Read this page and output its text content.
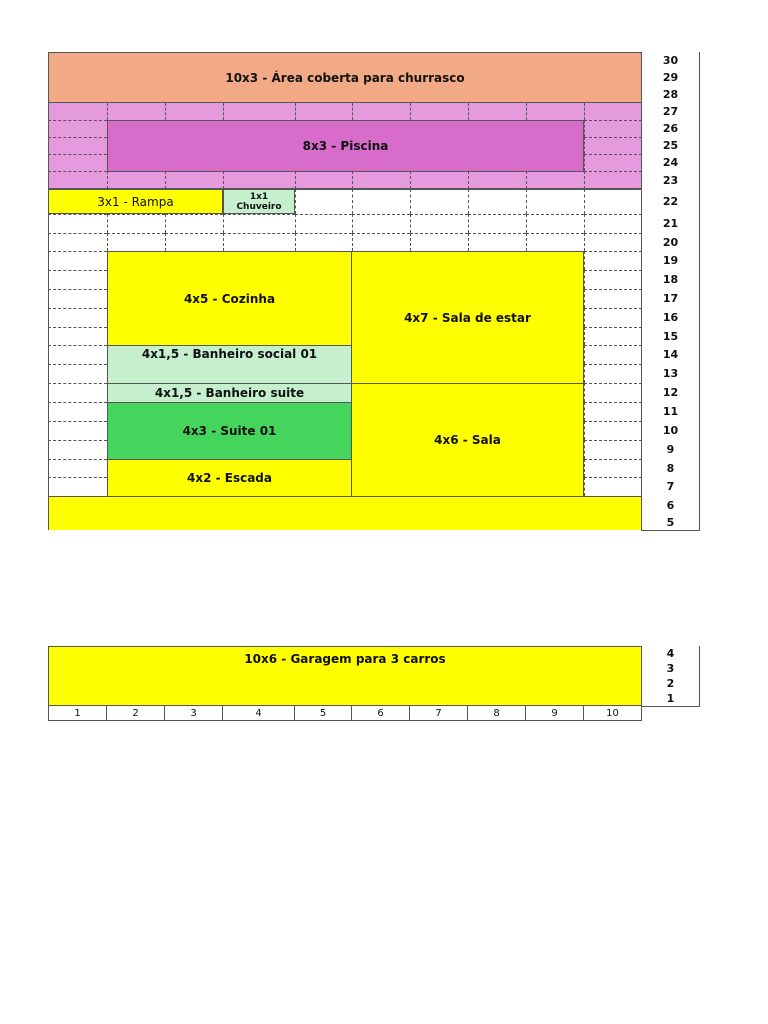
10x3 - Área coberta para churrasco
8x3 - Piscina
3x1 - Rampa	1x1
Chuveiro
4x5 - Cozinha
4x7 - Sala de estar
4x1,5 - Banheiro social 01
4x1,5 - Banheiro suite
4x6 - Sala
4x3 - Suite 01
4x2 - Escada
30
29
28
27
26
25
24
23
22
21
20
19
18
17
16
15
14
13
12
11
10
9
8
7
6
5
10x6 - Garagem para 3 carros	4
3
2
1
1	2	3	4	5	6	7	8	9	10
